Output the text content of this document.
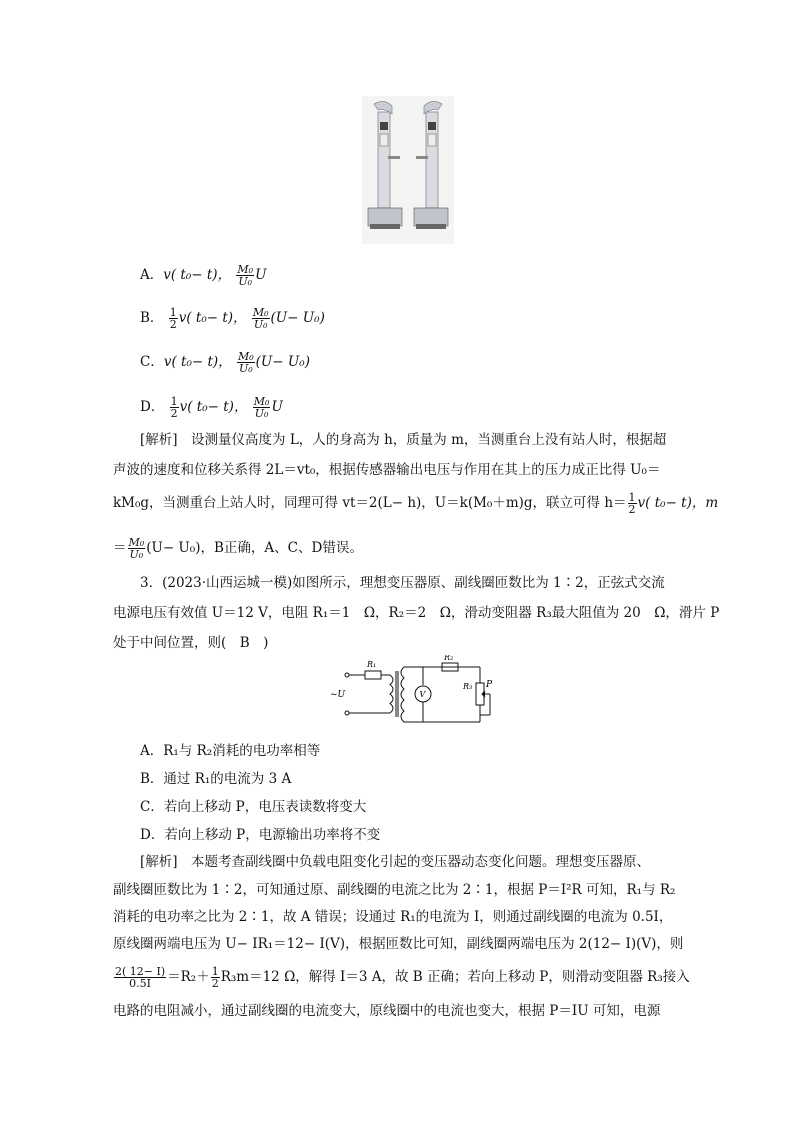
A．v( t₀− t)， $\frac{\text{M₀}}{\text{U₀}}$ U
B． $\frac{1}{2} v$( t₀− t)， $\frac{\text{M₀}}{\text{U₀}} (U- U_0)$
C．v( t₀− t)， $\frac{\text{M₀}}{\text{U₀}} (U- U_0)$
D． $\frac{1}{2} v$( t₀− t)， $\frac{\text{M₀}}{\text{U₀}}$ U
[解析]　设测量仪高度为 L，人的身高为 h，质量为 m，当测重台上没有站人时，根据超
声波的速度和位移关系得 2L＝vt₀，根据传感器输出电压与作用在其上的压力成正比得 U₀＝
kM₀g，当测重台上站人时，同理可得 vt＝2(L− h)，U＝k(M₀＋m)g，联立可得 $h= \frac{1}{2} v$( t₀− t)，m
＝ $\frac{\text{M₀}}{\text{U₀}} (U- U_0)$，B正确，A、C、D错误。
3．(2023·山西运城一模)如图所示，理想变压器原、副线圈匝数比为 1∶2，正弦式交流
电源电压有效值 U＝12 V，电阻 R₁＝1　Ω，R₂＝2　Ω，滑动变阻器 R₃最大阻值为 20　Ω，滑片 P
处于中间位置，则(　B　)
~U
R₁
R₂
R₃ P
V
A．R₁与 R₂消耗的电功率相等
B．通过 R₁的电流为 3 A
C．若向上移动 P，电压表读数将变大
D．若向上移动 P，电源输出功率将不变
[解析]　本题考查副线圈中负载电阻变化引起的变压器动态变化问题。理想变压器原、
副线圈匝数比为 1∶2，可知通过原、副线圈的电流之比为 2∶1，根据 P＝I²R 可知，R₁与 R₂
消耗的电功率之比为 2∶1，故 A 错误；设通过 R₁的电流为 I，则通过副线圈的电流为 0.5I，
原线圈两端电压为 U− IR₁＝12− I(V)，根据匝数比可知，副线圈两端电压为 2(12− I)(V)，则
$\frac{2( 12- I)}{0.5I} =R_2+ \frac{1}{2} R_3m=12$ Ω，解得 I＝3 A，故 B 正确；若向上移动 P，则滑动变阻器 R₃接入
电路的电阻减小，通过副线圈的电流变大，原线圈中的电流也变大，根据 P＝IU 可知，电源
